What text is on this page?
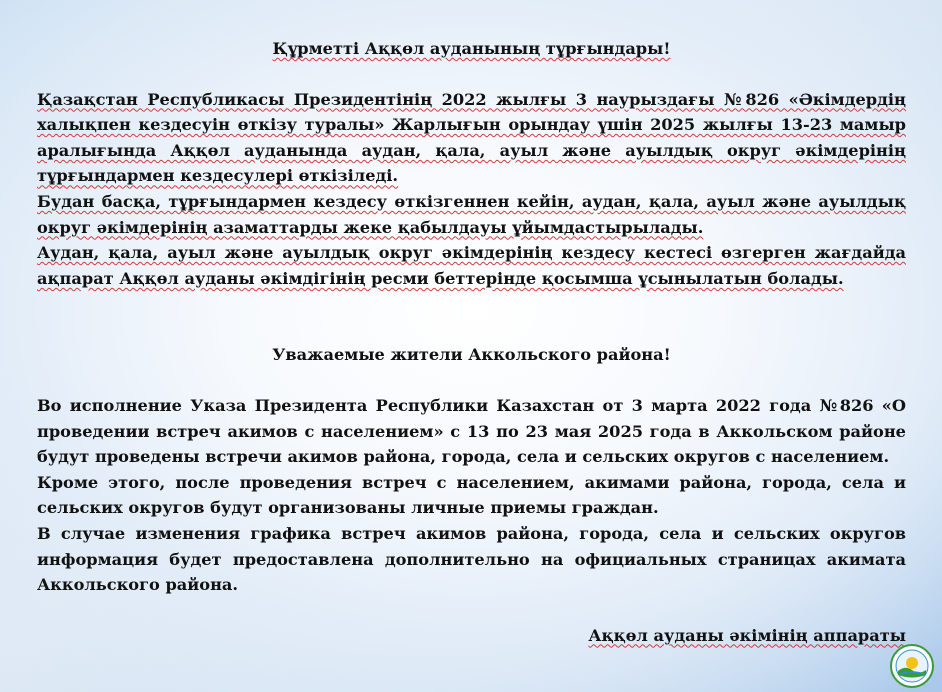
Құрметті Аққөл ауданының тұрғындары!

Қазақстан Республикасы Президентінің 2022 жылғы 3 наурыздағы №826 «Әкімдердің халықпен кездесуін өткізу туралы» Жарлығын орындау үшін 2025 жылғы 13-23 мамыр аралығында Аққөл ауданында аудан, қала, ауыл және ауылдық округ әкімдерінің тұрғындармен кездесулері өткізіледі.

Будан басқа, тұрғындармен кездесу өткізгеннен кейін, аудан, қала, ауыл және ауылдық округ әкімдерінің азаматтарды жеке қабылдауы ұйымдастырылады.

Аудан, қала, ауыл және ауылдық округ әкімдерінің кездесу кестесі өзгерген жағдайда ақпарат Аққөл ауданы әкімдігінің ресми беттерінде қосымша ұсынылатын болады.

Уважаемые жители Аккольского района!

Во исполнение Указа Президента Республики Казахстан от 3 марта 2022 года №826 «О проведении встреч акимов с населением» с 13 по 23 мая 2025 года в Аккольском районе будут проведены встречи акимов района, города, села и сельских округов с населением.

Кроме этого, после проведения встреч с населением, акимами района, города, села и сельских округов будут организованы личные приемы граждан.

В случае изменения графика встреч акимов района, города, села и сельских округов информация будет предоставлена дополнительно на официальных страницах акимата Аккольского района.

Аққөл ауданы әкімінің аппараты
